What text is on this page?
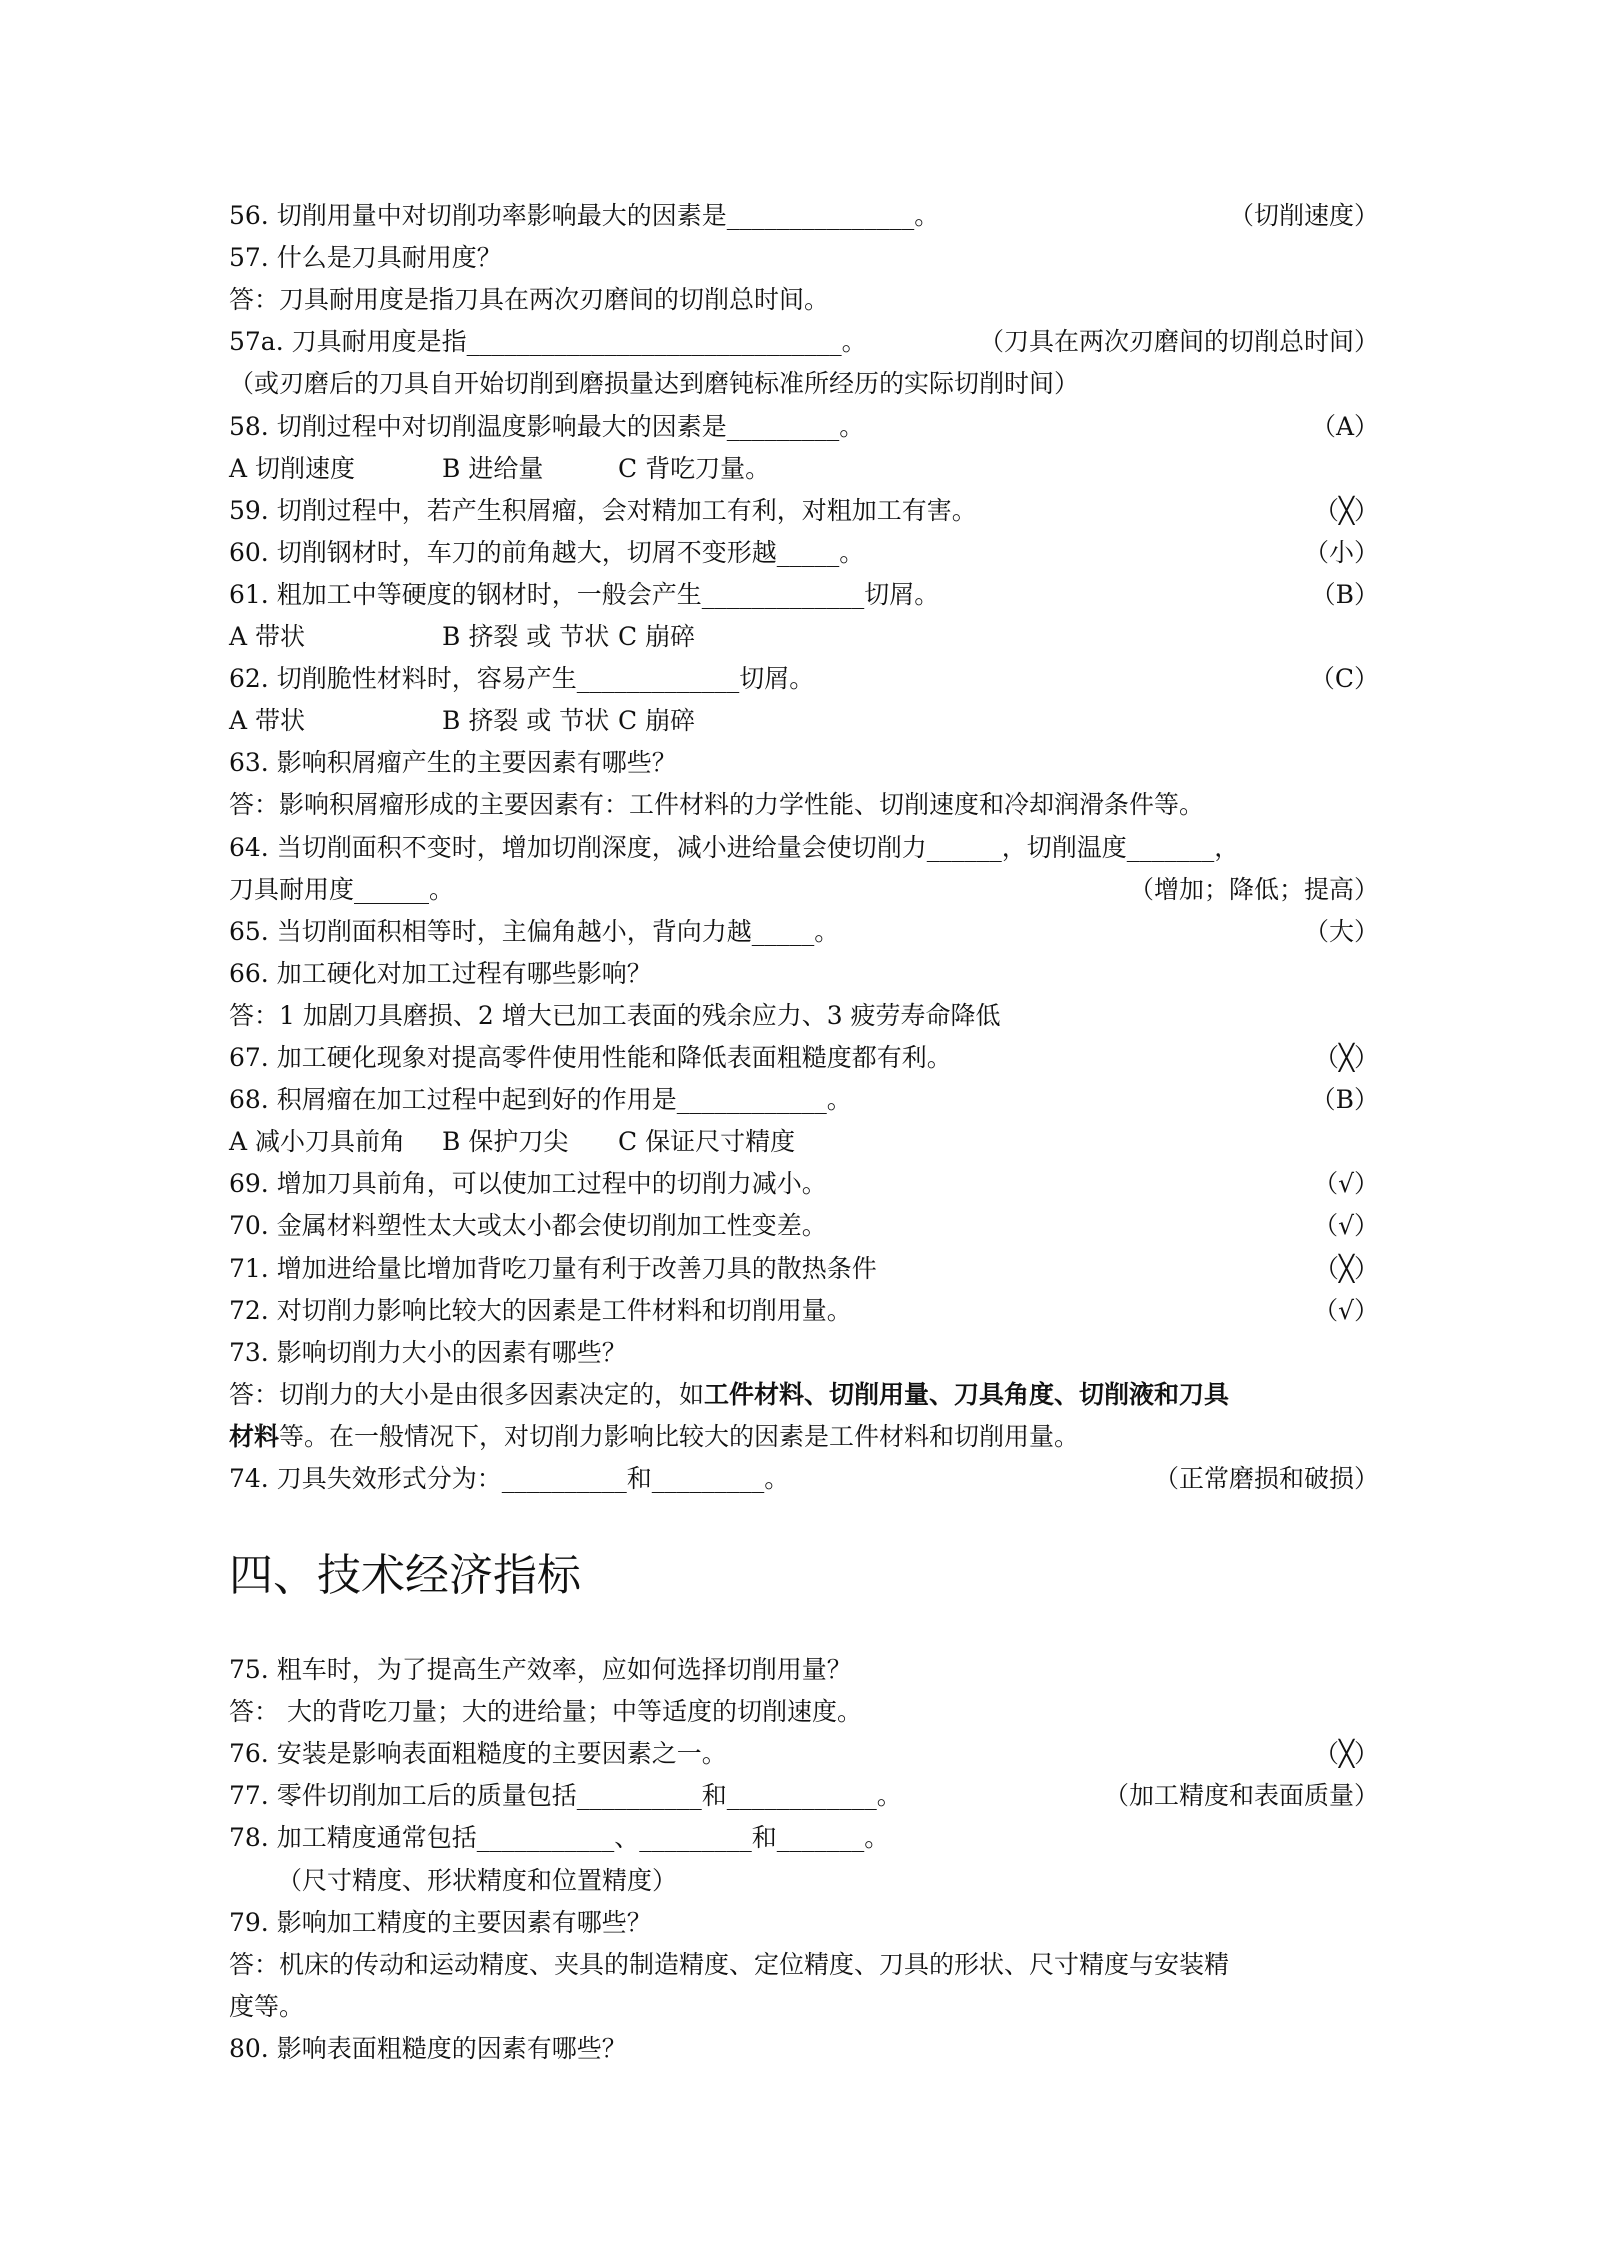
四、技术经济指标
56. 切削用量中对切削功率影响最大的因素是_______________。	（切削速度）
57. 什么是刀具耐用度？
答：刀具耐用度是指刀具在两次刃磨间的切削总时间。
57a. 刀具耐用度是指______________________________。	（刀具在两次刃磨间的切削总时间）
（或刃磨后的刀具自开始切削到磨损量达到磨钝标准所经历的实际切削时间）
58. 切削过程中对切削温度影响最大的因素是_________。	（A）
A 切削速度	B 进给量	C 背吃刀量。
59. 切削过程中，若产生积屑瘤，会对精加工有利，对粗加工有害。	（╳）
60. 切削钢材时，车刀的前角越大，切屑不变形越_____。	（小）
61. 粗加工中等硬度的钢材时，一般会产生_____________切屑。	（B）
A 带状	B 挤裂 或 节状 C 崩碎
62. 切削脆性材料时，容易产生_____________切屑。	（C）
A 带状	B 挤裂 或 节状 C 崩碎
63. 影响积屑瘤产生的主要因素有哪些？
答：影响积屑瘤形成的主要因素有：工件材料的力学性能、切削速度和冷却润滑条件等。
64. 当切削面积不变时，增加切削深度，减小进给量会使切削力______，切削温度_______，
刀具耐用度______。	（增加；降低；提高）
65. 当切削面积相等时，主偏角越小，背向力越_____。	（大）
66. 加工硬化对加工过程有哪些影响？
答：1 加剧刀具磨损、2 增大已加工表面的残余应力、3 疲劳寿命降低
67. 加工硬化现象对提高零件使用性能和降低表面粗糙度都有利。	（╳）
68. 积屑瘤在加工过程中起到好的作用是____________。	（B）
A 减小刀具前角 B 保护刀尖 C 保证尺寸精度
69. 增加刀具前角，可以使加工过程中的切削力减小。	（√）
70. 金属材料塑性太大或太小都会使切削加工性变差。	（√）
71. 增加进给量比增加背吃刀量有利于改善刀具的散热条件	（╳）
72. 对切削力影响比较大的因素是工件材料和切削用量。	（√）
73. 影响切削力大小的因素有哪些？
答：切削力的大小是由很多因素决定的，如工件材料、切削用量、刀具角度、切削液和刀具
材料等。在一般情况下，对切削力影响比较大的因素是工件材料和切削用量。
74. 刀具失效形式分为：__________和_________。	（正常磨损和破损）
75. 粗车时，为了提高生产效率，应如何选择切削用量？
答： 大的背吃刀量；大的进给量；中等适度的切削速度。
76. 安装是影响表面粗糙度的主要因素之一。	（╳）
77. 零件切削加工后的质量包括__________和____________。	（加工精度和表面质量）
78. 加工精度通常包括___________、_________和_______。
（尺寸精度、形状精度和位置精度）
79. 影响加工精度的主要因素有哪些？
答：机床的传动和运动精度、夹具的制造精度、定位精度、刀具的形状、尺寸精度与安装精
度等。
80. 影响表面粗糙度的因素有哪些？
